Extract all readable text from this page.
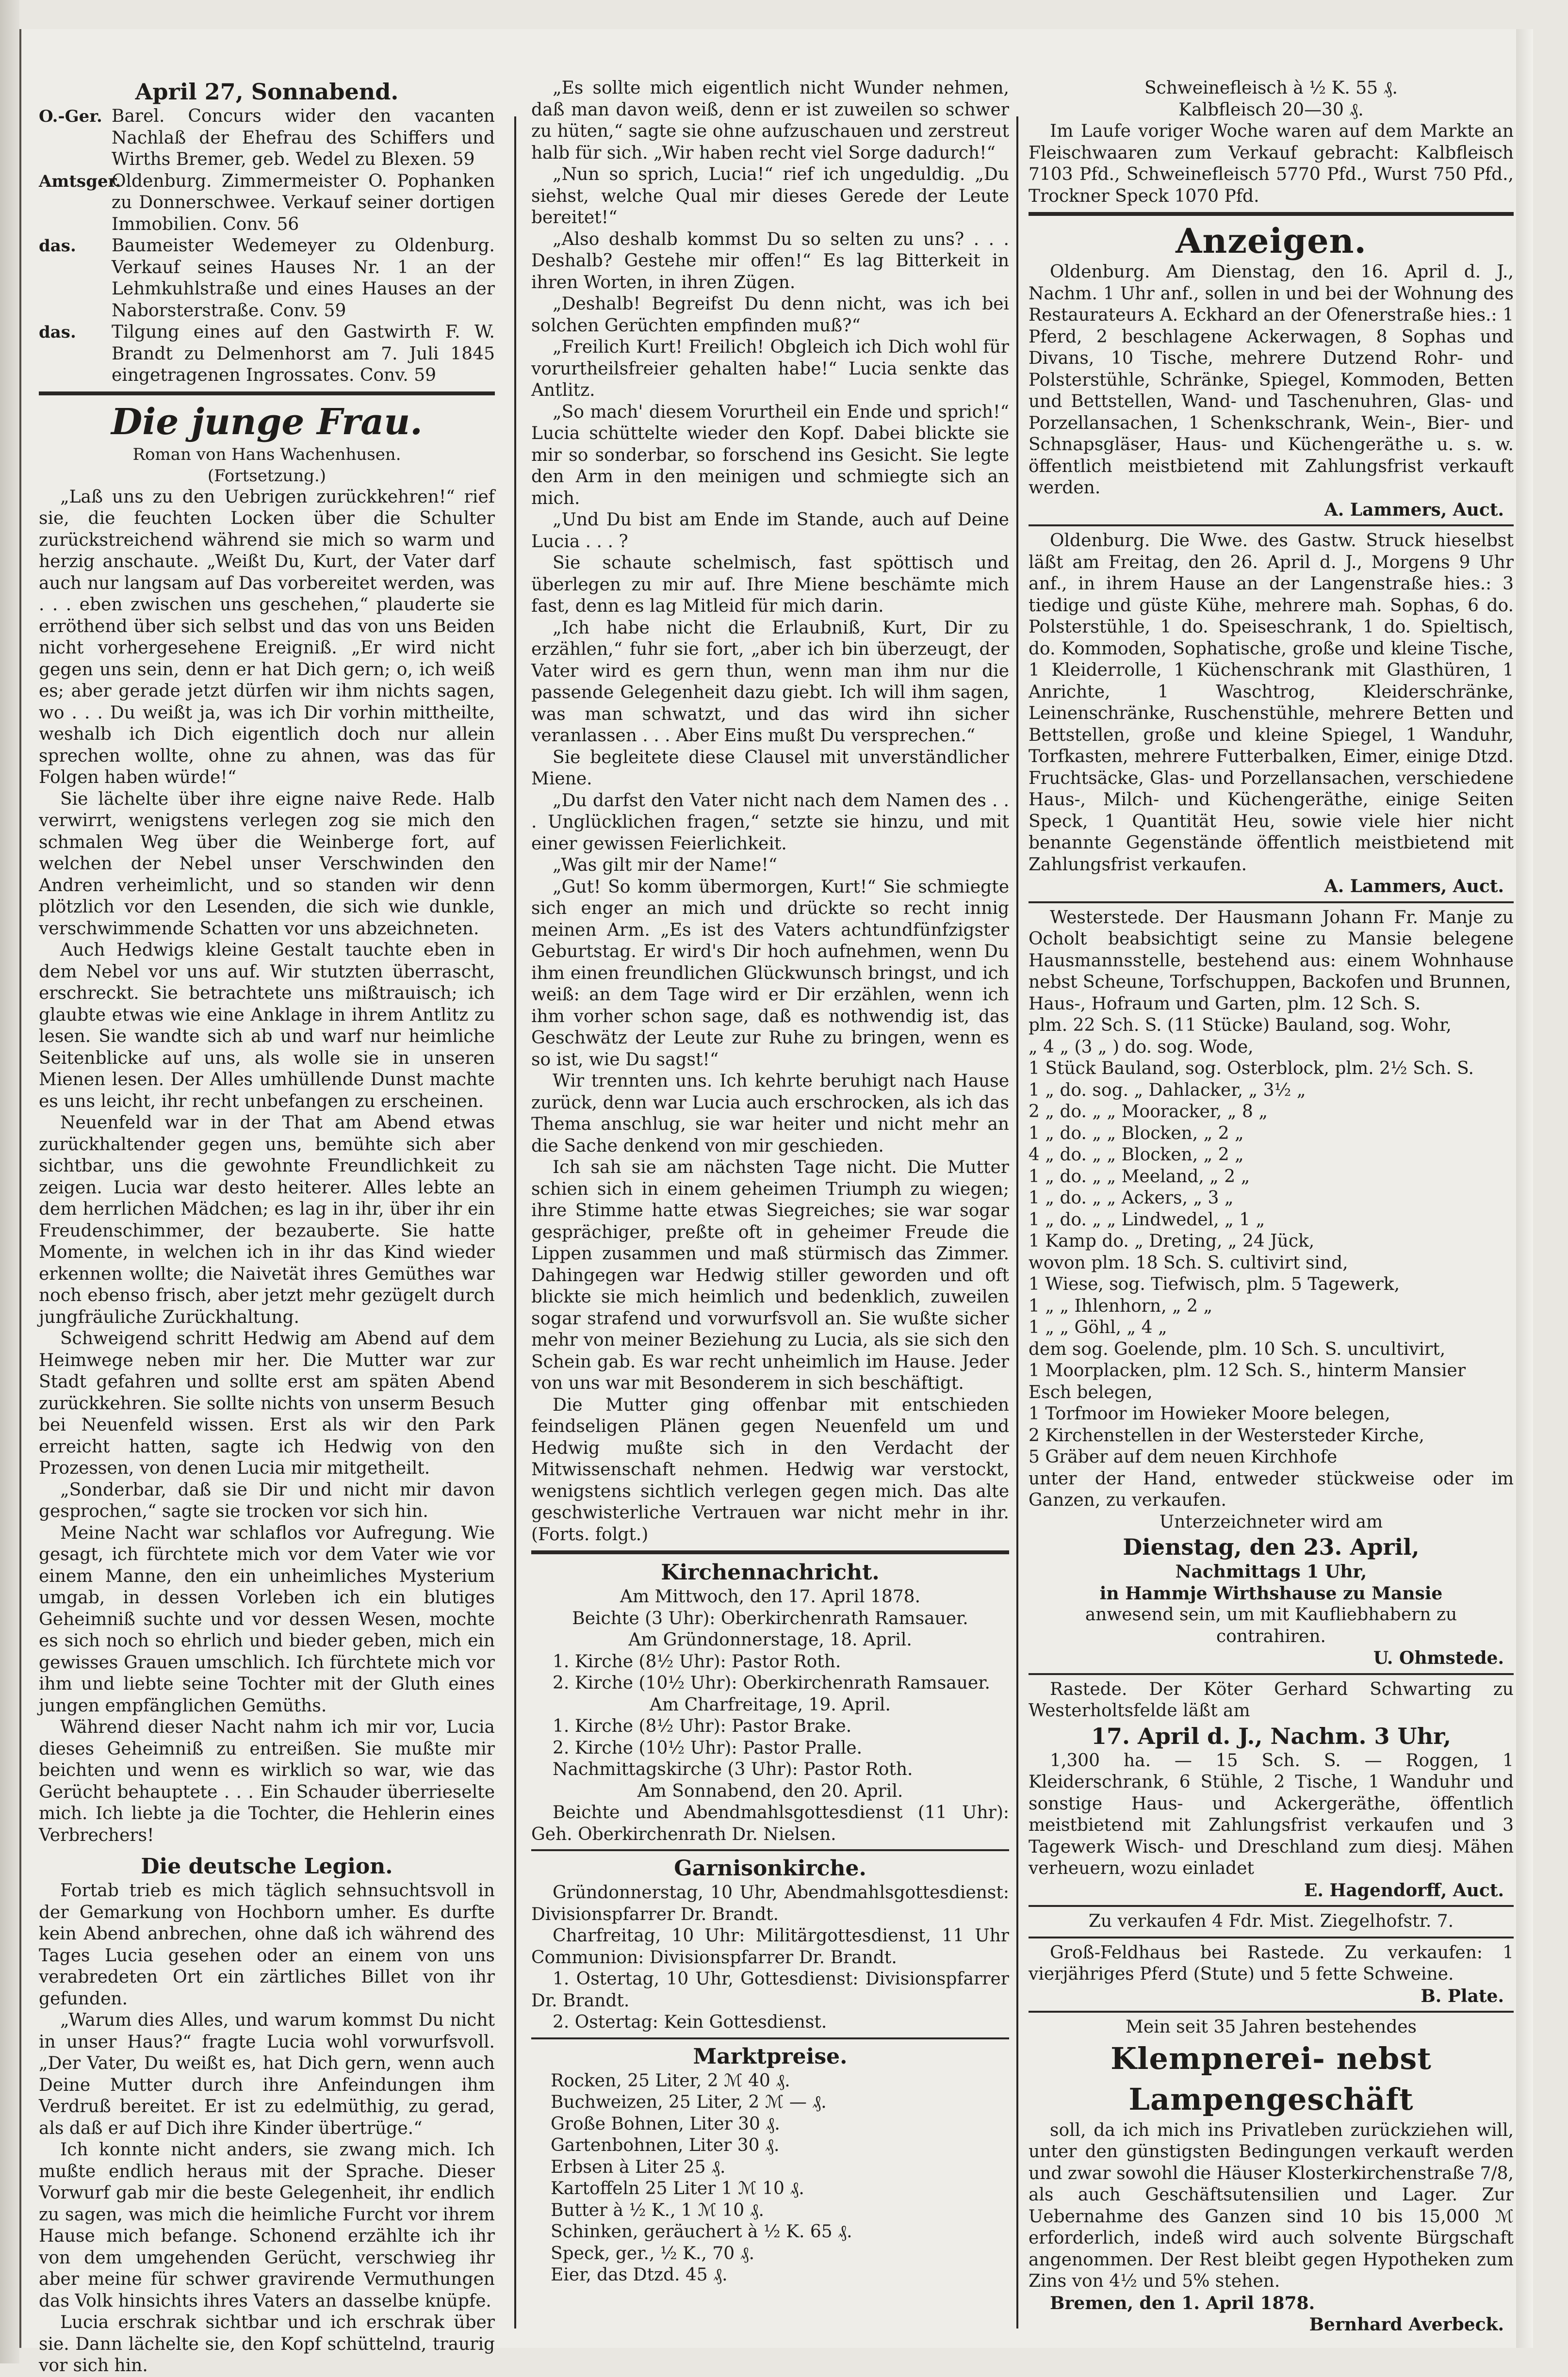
April 27, Sonnabend.

O.-Ger. Barel. Concurs wider den vacanten Nachlaß der Ehefrau des Schiffers und Wirths Bremer, geb. Wedel zu Blexen. 59

Amtsger.

Oldenburg. Zimmermeister O. Pophanken zu Donnerschwee. Verkauf seiner dortigen Immobilien. Conv. 56

das.	Baumeister Wedemeyer zu Oldenburg. Verkauf seines Hauses Nr. 1 an der Lehmkuhlstraße und eines Hauses an der Naborsterstraße. Conv. 59

das.	Tilgung eines auf den Gastwirth F. W. Brandt zu Delmenhorst am 7. Juli 1845 eingetragenen Ingrossates. Conv. 59

Die junge Frau.

Roman von Hans Wachenhusen.

(Fortsetzung.)

„Laß uns zu den Uebrigen zurückkehren!“ rief sie, die feuchten Locken über die Schulter zurückstreichend während sie mich so warm und herzig anschaute. „Weißt Du, Kurt, der Vater darf auch nur langsam auf Das vorbereitet werden, was . . . eben zwischen uns geschehen,“ plauderte sie erröthend über sich selbst und das von uns Beiden nicht vorhergesehene Ereigniß. „Er wird nicht gegen uns sein, denn er hat Dich gern; o, ich weiß es; aber gerade jetzt dürfen wir ihm nichts sagen, wo . . . Du weißt ja, was ich Dir vorhin mittheilte, weshalb ich Dich eigentlich doch nur allein sprechen wollte, ohne zu ahnen, was das für Folgen haben würde!“

Sie lächelte über ihre eigne naive Rede. Halb verwirrt, wenigstens verlegen zog sie mich den schmalen Weg über die Weinberge fort, auf welchen der Nebel unser Verschwinden den Andren verheimlicht, und so standen wir denn plötzlich vor den Lesenden, die sich wie dunkle, verschwimmende Schatten vor uns abzeichneten.

Auch Hedwigs kleine Gestalt tauchte eben in dem Nebel vor uns auf. Wir stutzten überrascht, erschreckt. Sie betrachtete uns mißtrauisch; ich glaubte etwas wie eine Anklage in ihrem Antlitz zu lesen. Sie wandte sich ab und warf nur heimliche Seitenblicke auf uns, als wolle sie in unseren Mienen lesen. Der Alles umhüllende Dunst machte es uns leicht, ihr recht unbefangen zu erscheinen.

Neuenfeld war in der That am Abend etwas zurückhaltender gegen uns, bemühte sich aber sichtbar, uns die gewohnte Freundlichkeit zu zeigen. Lucia war desto heiterer. Alles lebte an dem herrlichen Mädchen; es lag in ihr, über ihr ein Freudenschimmer, der bezauberte. Sie hatte Momente, in welchen ich in ihr das Kind wieder erkennen wollte; die Naivetät ihres Gemüthes war noch ebenso frisch, aber jetzt mehr gezügelt durch jungfräuliche Zurückhaltung.

Schweigend schritt Hedwig am Abend auf dem Heimwege neben mir her. Die Mutter war zur Stadt gefahren und sollte erst am späten Abend zurückkehren. Sie sollte nichts von unserm Besuch bei Neuenfeld wissen. Erst als wir den Park erreicht hatten, sagte ich Hedwig von den Prozessen, von denen Lucia mir mitgetheilt.

„Sonderbar, daß sie Dir und nicht mir davon gesprochen,“ sagte sie trocken vor sich hin.

Meine Nacht war schlaflos vor Aufregung. Wie gesagt, ich fürchtete mich vor dem Vater wie vor einem Manne, den ein unheimliches Mysterium umgab, in dessen Vorleben ich ein blutiges Geheimniß suchte und vor dessen Wesen, mochte es sich noch so ehrlich und bieder geben, mich ein gewisses Grauen umschlich. Ich fürchtete mich vor ihm und liebte seine Tochter mit der Gluth eines jungen empfänglichen Gemüths.

Während dieser Nacht nahm ich mir vor, Lucia dieses Geheimniß zu entreißen. Sie mußte mir beichten und wenn es wirklich so war, wie das Gerücht behauptete . . . Ein Schauder überrieselte mich. Ich liebte ja die Tochter, die Hehlerin eines Verbrechers!

Die deutsche Legion.

Fortab trieb es mich täglich sehnsuchtsvoll in der Gemarkung von Hochborn umher. Es durfte kein Abend anbrechen, ohne daß ich während des Tages Lucia gesehen oder an einem von uns verabredeten Ort ein zärtliches Billet von ihr gefunden.

„Warum dies Alles, und warum kommst Du nicht in unser Haus?“ fragte Lucia wohl vorwurfsvoll. „Der Vater, Du weißt es, hat Dich gern, wenn auch Deine Mutter durch ihre Anfeindungen ihm Verdruß bereitet. Er ist zu edelmüthig, zu gerad, als daß er auf Dich ihre Kinder übertrüge.“

Ich konnte nicht anders, sie zwang mich. Ich mußte endlich heraus mit der Sprache. Dieser Vorwurf gab mir die beste Gelegenheit, ihr endlich zu sagen, was mich die heimliche Furcht vor ihrem Hause mich befange. Schonend erzählte ich ihr von dem umgehenden Gerücht, verschwieg ihr aber meine für schwer gravirende Vermuthungen das Volk hinsichts ihres Vaters an dasselbe knüpfe.

Lucia erschrak sichtbar und ich erschrak über sie. Dann lächelte sie, den Kopf schüttelnd, traurig vor sich hin.

„Es sollte mich eigentlich nicht Wunder nehmen, daß man davon weiß, denn er ist zuweilen so schwer zu hüten,“ sagte sie ohne aufzuschauen und zerstreut halb für sich. „Wir haben recht viel Sorge dadurch!“

„Nun so sprich, Lucia!“ rief ich ungeduldig. „Du siehst, welche Qual mir dieses Gerede der Leute bereitet!“

„Also deshalb kommst Du so selten zu uns? . . . Deshalb? Gestehe mir offen!“ Es lag Bitterkeit in ihren Worten, in ihren Zügen.

„Deshalb! Begreifst Du denn nicht, was ich bei solchen Gerüchten empfinden muß?“

„Freilich Kurt! Freilich! Obgleich ich Dich wohl für vorurtheilsfreier gehalten habe!“ Lucia senkte das Antlitz.

„So mach' diesem Vorurtheil ein Ende und sprich!“ Lucia schüttelte wieder den Kopf. Dabei blickte sie mir so sonderbar, so forschend ins Gesicht. Sie legte den Arm in den meinigen und schmiegte sich an mich.

„Und Du bist am Ende im Stande, auch auf Deine Lucia . . . ?

Sie schaute schelmisch, fast spöttisch und überlegen zu mir auf. Ihre Miene beschämte mich fast, denn es lag Mitleid für mich darin.

„Ich habe nicht die Erlaubniß, Kurt, Dir zu erzählen,“ fuhr sie fort, „aber ich bin überzeugt, der Vater wird es gern thun, wenn man ihm nur die passende Gelegenheit dazu giebt. Ich will ihm sagen, was man schwatzt, und das wird ihn sicher veranlassen . . . Aber Eins mußt Du versprechen.“

Sie begleitete diese Clausel mit unverständlicher Miene.

„Du darfst den Vater nicht nach dem Namen des . . . Unglücklichen fragen,“ setzte sie hinzu, und mit einer gewissen Feierlichkeit.

„Was gilt mir der Name!“

„Gut! So komm übermorgen, Kurt!“ Sie schmiegte sich enger an mich und drückte so recht innig meinen Arm. „Es ist des Vaters achtundfünfzigster Geburtstag. Er wird's Dir hoch aufnehmen, wenn Du ihm einen freundlichen Glückwunsch bringst, und ich weiß: an dem Tage wird er Dir erzählen, wenn ich ihm vorher schon sage, daß es nothwendig ist, das Geschwätz der Leute zur Ruhe zu bringen, wenn es so ist, wie Du sagst!“

Wir trennten uns. Ich kehrte beruhigt nach Hause zurück, denn war Lucia auch erschrocken, als ich das Thema anschlug, sie war heiter und nicht mehr an die Sache denkend von mir geschieden.

Ich sah sie am nächsten Tage nicht. Die Mutter schien sich in einem geheimen Triumph zu wiegen; ihre Stimme hatte etwas Siegreiches; sie war sogar gesprächiger, preßte oft in geheimer Freude die Lippen zusammen und maß stürmisch das Zimmer. Dahingegen war Hedwig stiller geworden und oft blickte sie mich heimlich und bedenklich, zuweilen sogar strafend und vorwurfsvoll an. Sie wußte sicher mehr von meiner Beziehung zu Lucia, als sie sich den Schein gab. Es war recht unheimlich im Hause. Jeder von uns war mit Besonderem in sich beschäftigt.

Die Mutter ging offenbar mit entschieden feindseligen Plänen gegen Neuenfeld um und Hedwig mußte sich in den Verdacht der Mitwissenschaft nehmen. Hedwig war verstockt, wenigstens sichtlich verlegen gegen mich. Das alte geschwisterliche Vertrauen war nicht mehr in ihr. (Forts. folgt.)

Kirchennachricht.

Am Mittwoch, den 17. April 1878.

Beichte (3 Uhr): Oberkirchenrath Ramsauer.

Am Gründonnerstage, 18. April.

1. Kirche (8½ Uhr): Pastor Roth.

2. Kirche (10½ Uhr): Oberkirchenrath Ramsauer.

Am Charfreitage, 19. April.

1. Kirche (8½ Uhr): Pastor Brake.

2. Kirche (10½ Uhr): Pastor Pralle.

Nachmittagskirche (3 Uhr): Pastor Roth.

Am Sonnabend, den 20. April.

Beichte und Abendmahlsgottesdienst (11 Uhr): Geh. Oberkirchenrath Dr. Nielsen.

Garnisonkirche.

Gründonnerstag, 10 Uhr, Abendmahlsgottesdienst: Divisionspfarrer Dr. Brandt.

Charfreitag, 10 Uhr: Militärgottesdienst, 11 Uhr Communion: Divisionspfarrer Dr. Brandt.

1. Ostertag, 10 Uhr, Gottesdienst: Divisionspfarrer Dr. Brandt.

2. Ostertag: Kein Gottesdienst.

Marktpreise.

Rocken, 25 Liter, 2 ℳ 40 ₰.

Buchweizen, 25 Liter, 2 ℳ — ₰.

Große Bohnen, Liter 30 ₰.

Gartenbohnen, Liter 30 ₰.

Erbsen à Liter 25 ₰.

Kartoffeln 25 Liter 1 ℳ 10 ₰.

Butter à ½ K., 1 ℳ 10 ₰.

Schinken, geräuchert à ½ K. 65 ₰.

Speck, ger., ½ K., 70 ₰.

Eier, das Dtzd. 45 ₰.

Schweinefleisch à ½ K. 55 ₰.

Kalbfleisch 20—30 ₰.

Im Laufe voriger Woche waren auf dem Markte an Fleischwaaren zum Verkauf gebracht: Kalbfleisch 7103 Pfd., Schweinefleisch 5770 Pfd., Wurst 750 Pfd., Trockner Speck 1070 Pfd.

Anzeigen.

Oldenburg. Am Dienstag, den 16. April d. J., Nachm. 1 Uhr anf., sollen in und bei der Wohnung des Restaurateurs A. Eckhard an der Ofenerstraße hies.: 1 Pferd, 2 beschlagene Ackerwagen, 8 Sophas und Divans, 10 Tische, mehrere Dutzend Rohr- und Polsterstühle, Schränke, Spiegel, Kommoden, Betten und Bettstellen, Wand- und Taschenuhren, Glas- und Porzellansachen, 1 Schenkschrank, Wein-, Bier- und Schnapsgläser, Haus- und Küchengeräthe u. s. w. öffentlich meistbietend mit Zahlungsfrist verkauft werden.

A. Lammers, Auct.

Oldenburg. Die Wwe. des Gastw. Struck hieselbst läßt am Freitag, den 26. April d. J., Morgens 9 Uhr anf., in ihrem Hause an der Langenstraße hies.: 3 tiedige und güste Kühe, mehrere mah. Sophas, 6 do. Polsterstühle, 1 do. Speiseschrank, 1 do. Spieltisch, do. Kommoden, Sophatische, große und kleine Tische, 1 Kleiderrolle, 1 Küchenschrank mit Glasthüren, 1 Anrichte, 1 Waschtrog, Kleiderschränke, Leinenschränke, Ruschenstühle, mehrere Betten und Bettstellen, große und kleine Spiegel, 1 Wanduhr, Torfkasten, mehrere Futterbalken, Eimer, einige Dtzd. Fruchtsäcke, Glas- und Porzellansachen, verschiedene Haus-, Milch- und Küchengeräthe, einige Seiten Speck, 1 Quantität Heu, sowie viele hier nicht benannte Gegenstände öffentlich meistbietend mit Zahlungsfrist verkaufen.

A. Lammers, Auct.

Westerstede. Der Hausmann Johann Fr. Manje zu Ocholt beabsichtigt seine zu Mansie belegene Hausmannsstelle, bestehend aus: einem Wohnhause nebst Scheune, Torfschuppen, Backofen und Brunnen,

Haus-, Hofraum und Garten, plm. 12 Sch. S.

plm. 22 Sch. S. (11 Stücke) Bauland, sog. Wohr,

„ 4 „ (3 „ ) do. sog. Wode,

1 Stück Bauland, sog. Osterblock, plm. 2½ Sch. S.

1 „ do. sog. „ Dahlacker, „ 3½ „

2 „ do. „ „ Mooracker, „ 8 „

1 „ do. „ „ Blocken, „ 2 „

4 „ do. „ „ Blocken, „ 2 „

1 „ do. „ „ Meeland, „ 2 „

1 „ do. „ „ Ackers, „ 3 „

1 „ do. „ „ Lindwedel, „ 1 „

1 Kamp do. „ Dreting, „ 24 Jück,

wovon plm. 18 Sch. S. cultivirt sind,

1 Wiese, sog. Tiefwisch, plm. 5 Tagewerk,

1 „ „ Ihlenhorn, „ 2 „

1 „ „ Göhl, „ 4 „

dem sog. Goelende, plm. 10 Sch. S. uncultivirt,

1 Moorplacken, plm. 12 Sch. S., hinterm Mansier Esch belegen,

1 Torfmoor im Howieker Moore belegen,

2 Kirchenstellen in der Westersteder Kirche,

5 Gräber auf dem neuen Kirchhofe

unter der Hand, entweder stückweise oder im Ganzen, zu verkaufen.

Unterzeichneter wird am

Dienstag, den 23. April,

Nachmittags 1 Uhr,

in Hammje Wirthshause zu Mansie

anwesend sein, um mit Kaufliebhabern zu contrahiren.

U. Ohmstede.

Rastede. Der Köter Gerhard Schwarting zu Westerholtsfelde läßt am

17. April d. J., Nachm. 3 Uhr,

1,300 ha. — 15 Sch. S. — Roggen, 1 Kleiderschrank, 6 Stühle, 2 Tische, 1 Wanduhr und sonstige Haus- und Ackergeräthe, öffentlich meistbietend mit Zahlungsfrist verkaufen und 3 Tagewerk Wisch- und Dreschland zum diesj. Mähen verheuern, wozu einladet

E. Hagendorff, Auct.

Zu verkaufen 4 Fdr. Mist. Ziegelhofstr. 7.

Groß-Feldhaus bei Rastede. Zu verkaufen: 1 vierjähriges Pferd (Stute) und 5 fette Schweine.

B. Plate.

Mein seit 35 Jahren bestehendes

Klempnerei- nebst Lampengeschäft

soll, da ich mich ins Privatleben zurückziehen will, unter den günstigsten Bedingungen verkauft werden und zwar sowohl die Häuser Klosterkirchenstraße 7/8, als auch Geschäftsutensilien und Lager. Zur Uebernahme des Ganzen sind 10 bis 15,000 ℳ erforderlich, indeß wird auch solvente Bürgschaft angenommen. Der Rest bleibt gegen Hypotheken zum Zins von 4½ und 5% stehen.

Bremen, den 1. April 1878.

Bernhard Averbeck.
